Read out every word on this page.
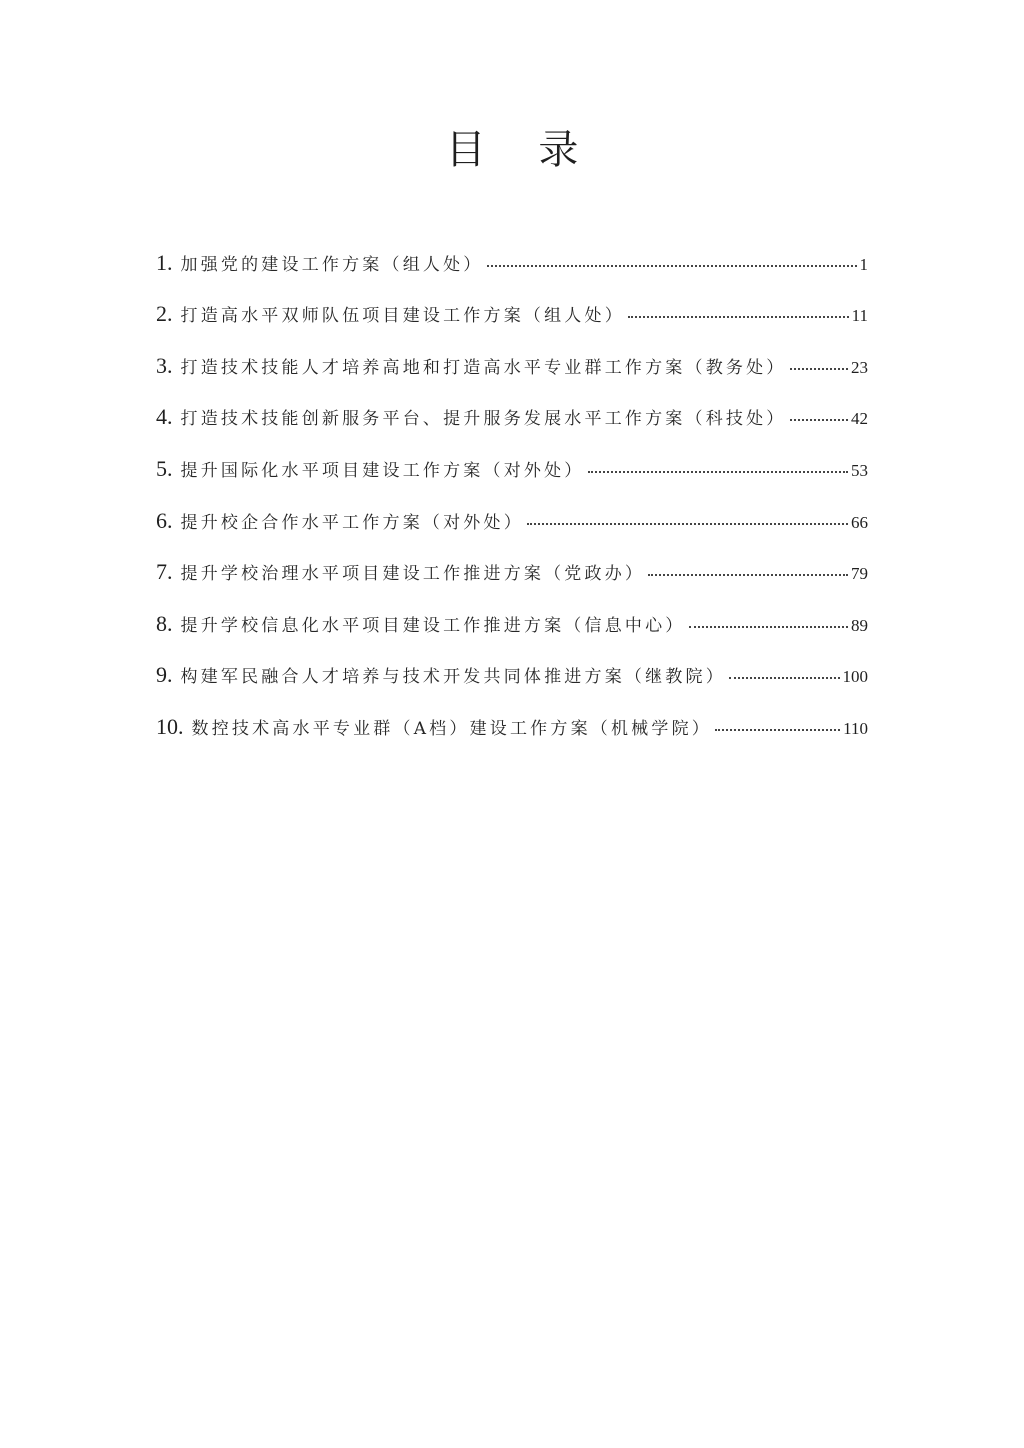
目 录
1. 加强党的建设工作方案（组人处）	1
2. 打造高水平双师队伍项目建设工作方案（组人处）	11
3. 打造技术技能人才培养高地和打造高水平专业群工作方案（教务处）	23
4. 打造技术技能创新服务平台、提升服务发展水平工作方案（科技处）	42
5. 提升国际化水平项目建设工作方案（对外处）	53
6. 提升校企合作水平工作方案（对外处）	66
7. 提升学校治理水平项目建设工作推进方案（党政办）	79
8. 提升学校信息化水平项目建设工作推进方案（信息中心）	89
9. 构建军民融合人才培养与技术开发共同体推进方案（继教院）	100
10. 数控技术高水平专业群（A档）建设工作方案（机械学院）	110
